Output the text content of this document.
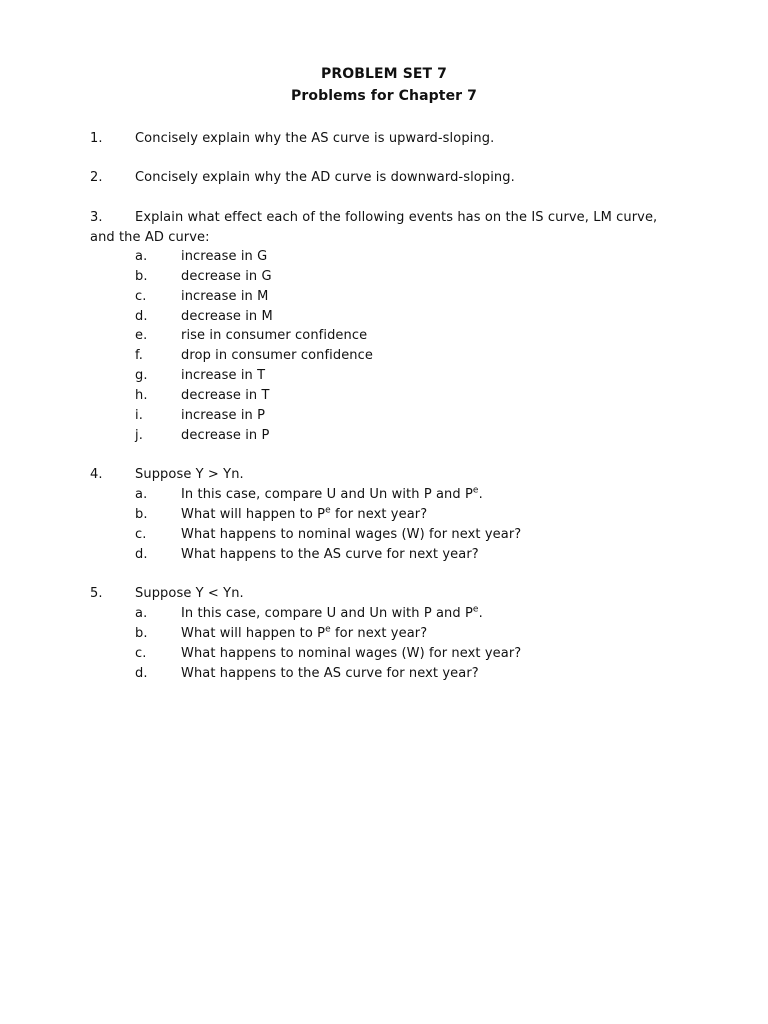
PROBLEM SET 7
Problems for Chapter 7
1. Concisely explain why the AS curve is upward-sloping.
2. Concisely explain why the AD curve is downward-sloping.
3. Explain what effect each of the following events has on the IS curve, LM curve,
and the AD curve:
a.	increase in G
b.	decrease in G
c.	increase in M
d.	decrease in M
e.	rise in consumer confidence
f.	drop in consumer confidence
g.	increase in T
h.	decrease in T
i.	increase in P
j.	decrease in P
4. Suppose Y > Yn.
a.	In this case, compare U and Un with P and $P^e$.
b.	What will happen to $P^e$ for next year?
c.	What happens to nominal wages (W) for next year?
d.	What happens to the AS curve for next year?
5. Suppose Y < Yn.
a.	In this case, compare U and Un with P and $P^e$.
b.	What will happen to $P^e$ for next year?
c.	What happens to nominal wages (W) for next year?
d.	What happens to the AS curve for next year?
